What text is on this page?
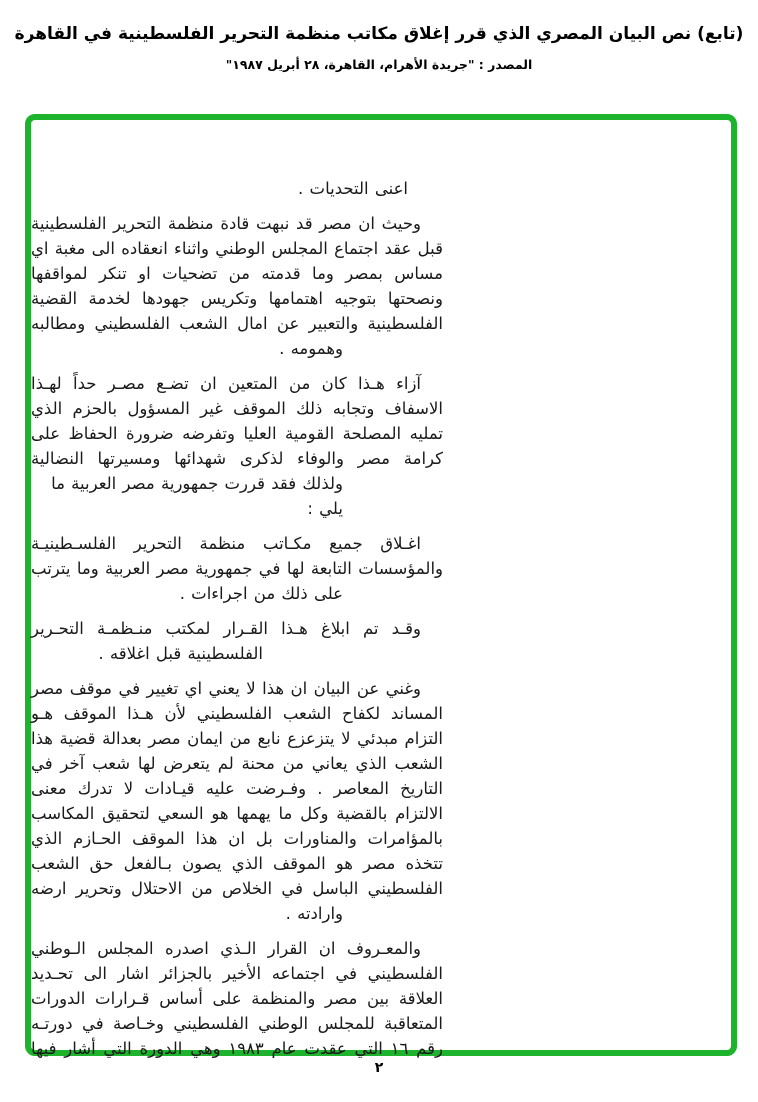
(تابع) نص البيان المصري الذي قرر إغلاق مكاتب منظمة التحرير الفلسطينية في القاهرة
المصدر : "جريدة الأهرام، القاهرة، ٢٨ أبريل ١٩٨٧"
اعنى التحديات .
وحيث ان مصر قد نبهت قادة منظمة التحرير الفلسطينية
قبل عقد اجتماع المجلس الوطني واثناء انعقاده الى مغبة اي
مساس بمصر وما قدمته من تضحيات او تنكر لمواقفها
ونصحتها بتوجيه اهتمامها وتكريس جهودها لخدمة القضية
الفلسطينية والتعبير عن امال الشعب الفلسطيني ومطالبه
وهمومه .
آزاء هـذا كان من المتعين ان تضـع مصـر حداً لهـذا
الاسفاف وتجابه ذلك الموقف غير المسؤول بالحزم الذي
تمليه المصلحة القومية العليا وتفرضه ضرورة الحفاظ على
كرامة مصر والوفاء لذكرى شهدائها ومسيرتها النضالية
ولذلك فقد قررت جمهورية مصر العربية ما يلي :
اغـلاق جميع مكـاتب منظمة التحرير الفلسـطينيـة
والمؤسسات التابعة لها في جمهورية مصر العربية وما يترتب
على ذلك من اجراءات .
وقـد تم ابلاغ هـذا القـرار لمكتب منـظمـة التحـرير
الفلسطينية قبل اغلاقه .
وغني عن البيان ان هذا لا يعني اي تغيير في موقف مصر
المساند لكفاح الشعب الفلسطيني لأن هـذا الموقف هـو
التزام مبدئي لا يتزعزع نابع من ايمان مصر بعدالة قضية هذا
الشعب الذي يعاني من محنة لم يتعرض لها شعب آخر في
التاريخ المعاصر . وفـرضت عليه قيـادات لا تدرك معنى
الالتزام بالقضية وكل ما يهمها هو السعي لتحقيق المكاسب
بالمؤامرات والمناورات بل ان هذا الموقف الحـازم الذي
تتخذه مصر هو الموقف الذي يصون بـالفعل حق الشعب
الفلسطيني الباسل في الخلاص من الاحتلال وتحرير ارضه
وارادته .
والمعـروف ان القرار الـذي اصدره المجلس الـوطني
الفلسطيني في اجتماعه الأخير بالجزائر اشار الى تحـديد
العلاقة بين مصر والمنظمة على أساس قـرارات الدورات
المتعاقبة للمجلس الوطني الفلسطيني وخـاصة في دورتـه
رقم ١٦ التي عقدت عام ١٩٨٣ وهي الدورة التي أشار فيها
٢
